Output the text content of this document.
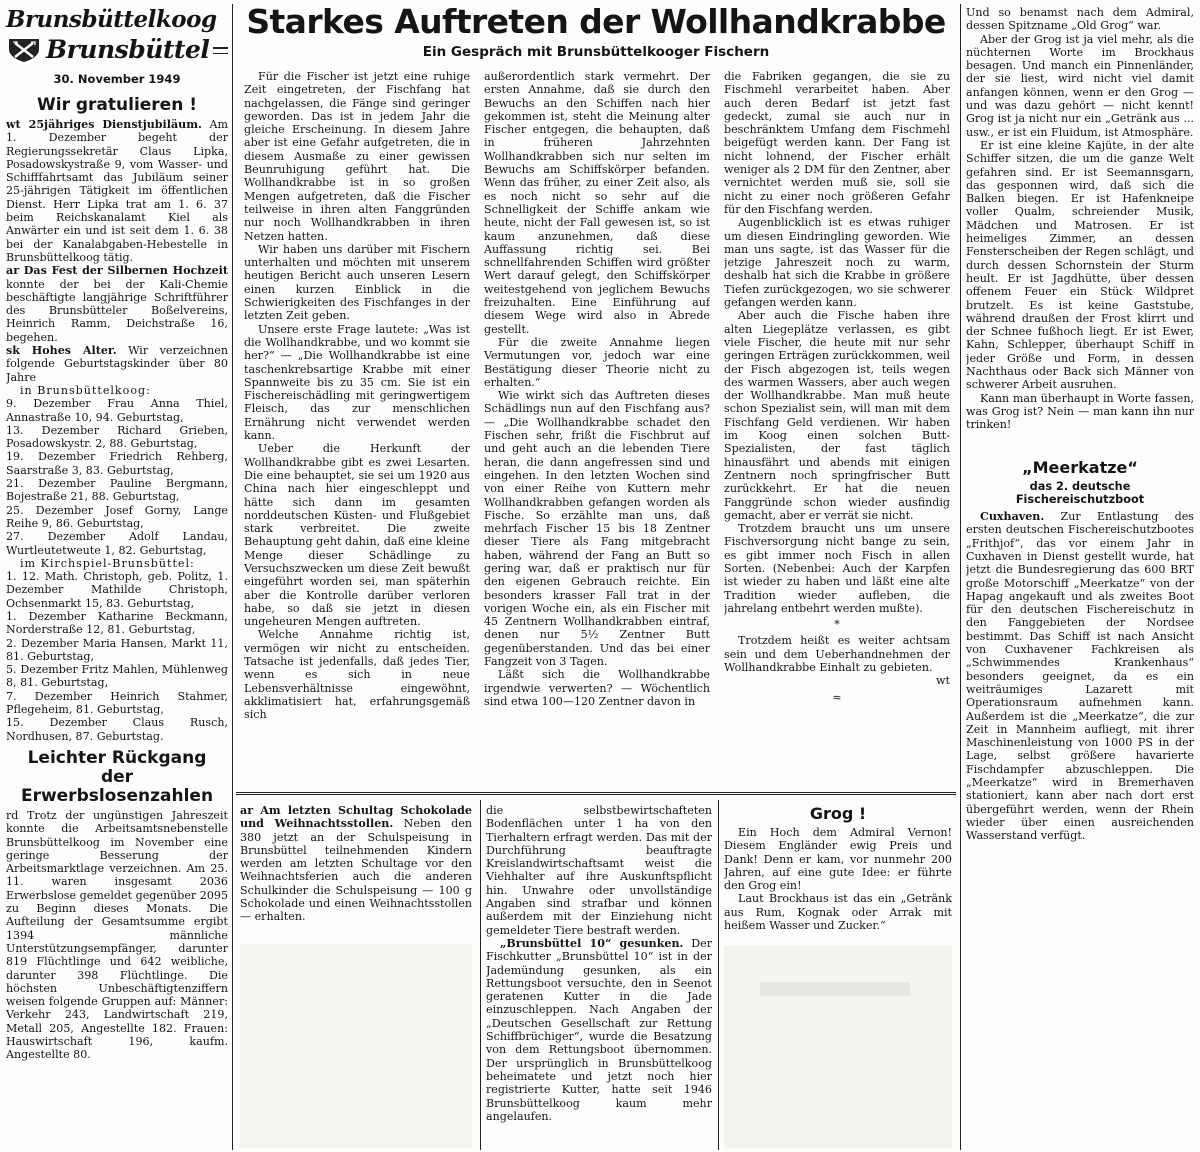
Brunsbüttelkoog
Brunsbüttel
30. November 1949
Wir gratulieren !

wt 25jähriges Dienstjubiläum. Am 1. Dezember begeht der Regierungssekretär Claus Lipka, Posadowskystraße 9, vom Wasser- und Schifffahrtsamt das Jubiläum seiner 25-jährigen Tätigkeit im öffentlichen Dienst. Herr Lipka trat am 1. 6. 37 beim Reichskanalamt Kiel als Anwärter ein und ist seit dem 1. 6. 38 bei der Kanalabgaben-Hebestelle in Brunsbüttelkoog tätig.

ar Das Fest der Silbernen Hochzeit konnte der bei der Kali-Chemie beschäftigte langjährige Schriftführer des Brunsbütteler Boßelvereins, Heinrich Ramm, Deichstraße 16, begehen.

sk Hohes Alter. Wir verzeichnen folgende Geburtstagskinder über 80 Jahre

in Brunsbüttelkoog:

9. Dezember Frau Anna Thiel, Annastraße 10, 94. Geburtstag,
13. Dezember Richard Grieben, Posadowskystr. 2, 88. Geburtstag,
19. Dezember Friedrich Rehberg, Saarstraße 3, 83. Geburtstag,
21. Dezember Pauline Bergmann, Bojestraße 21, 88. Geburtstag,
25. Dezember Josef Gorny, Lange Reihe 9, 86. Geburtstag,
27. Dezember Adolf Landau, Wurtleutetweute 1, 82. Geburtstag,

im Kirchspiel-Brunsbüttel:

1. 12. Math. Christoph, geb. Politz, 1. Dezember Mathilde Christoph, Ochsenmarkt 15, 83. Geburtstag,
1. Dezember Katharine Beckmann, Norderstraße 12, 81. Geburtstag,
2. Dezember Maria Hansen, Markt 11, 81. Geburtstag,
5. Dezember Fritz Mahlen, Mühlenweg 8, 81. Geburtstag,
7. Dezember Heinrich Stahmer, Pflegeheim, 81. Geburtstag,
15. Dezember Claus Rusch, Nordhusen, 87. Geburtstag.
Leichter Rückgang
der Erwerbslosenzahlen

rd Trotz der ungünstigen Jahreszeit konnte die Arbeitsamtsnebenstelle Brunsbüttelkoog im November eine geringe Besserung der Arbeitsmarktlage verzeichnen. Am 25. 11. waren insgesamt 2036 Erwerbslose gemeldet gegenüber 2095 zu Beginn dieses Monats. Die Aufteilung der Gesamtsumme ergibt 1394 männliche Unterstützungsempfänger, darunter 819 Flüchtlinge und 642 weibliche, darunter 398 Flüchtlinge. Die höchsten Unbeschäftigtenziffern weisen folgende Gruppen auf: Männer: Verkehr 243, Landwirtschaft 219, Metall 205, Angestellte 182. Frauen: Hauswirtschaft 196, kaufm. Angestellte 80.

Starkes Auftreten der Wollhandkrabbe
Ein Gespräch mit Brunsbüttelkooger Fischern

Für die Fischer ist jetzt eine ruhige Zeit eingetreten, der Fischfang hat nachgelassen, die Fänge sind geringer geworden. Das ist in jedem Jahr die gleiche Erscheinung. In diesem Jahre aber ist eine Gefahr aufgetreten, die in diesem Ausmaße zu einer gewissen Beunruhigung geführt hat. Die Wollhandkrabbe ist in so großen Mengen aufgetreten, daß die Fischer teilweise in ihren alten Fanggründen nur noch Wollhandkrabben in ihren Netzen hatten.

Wir haben uns darüber mit Fischern unterhalten und möchten mit unserem heutigen Bericht auch unseren Lesern einen kurzen Einblick in die Schwierigkeiten des Fischfanges in der letzten Zeit geben.

Unsere erste Frage lautete: „Was ist die Wollhandkrabbe, und wo kommt sie her?“ — „Die Wollhandkrabbe ist eine taschenkrebsartige Krabbe mit einer Spannweite bis zu 35 cm. Sie ist ein Fischereischädling mit geringwertigem Fleisch, das zur menschlichen Ernährung nicht verwendet werden kann.

Ueber die Herkunft der Wollhandkrabbe gibt es zwei Lesarten. Die eine behauptet, sie sei um 1920 aus China nach hier eingeschleppt und hätte sich dann im gesamten norddeutschen Küsten- und Flußgebiet stark verbreitet. Die zweite Behauptung geht dahin, daß eine kleine Menge dieser Schädlinge zu Versuchszwecken um diese Zeit bewußt eingeführt worden sei, man späterhin aber die Kontrolle darüber verloren habe, so daß sie jetzt in diesen ungeheuren Mengen auftreten.

Welche Annahme richtig ist, vermögen wir nicht zu entscheiden. Tatsache ist jedenfalls, daß jedes Tier, wenn es sich in neue Lebensverhältnisse eingewöhnt, akklimatisiert hat, erfahrungsgemäß sich

außerordentlich stark vermehrt. Der ersten Annahme, daß sie durch den Bewuchs an den Schiffen nach hier gekommen ist, steht die Meinung alter Fischer entgegen, die behaupten, daß in früheren Jahrzehnten Wollhandkrabben sich nur selten im Bewuchs am Schiffskörper befanden. Wenn das früher, zu einer Zeit also, als es noch nicht so sehr auf die Schnelligkeit der Schiffe ankam wie heute, nicht der Fall gewesen ist, so ist kaum anzunehmen, daß diese Auffassung richtig sei. Bei schnellfahrenden Schiffen wird größter Wert darauf gelegt, den Schiffskörper weitestgehend von jeglichem Bewuchs freizuhalten. Eine Einführung auf diesem Wege wird also in Abrede gestellt.

Für die zweite Annahme liegen Vermutungen vor, jedoch war eine Bestätigung dieser Theorie nicht zu erhalten.“

Wie wirkt sich das Auftreten dieses Schädlings nun auf den Fischfang aus? — „Die Wollhandkrabbe schadet den Fischen sehr, frißt die Fischbrut auf und geht auch an die lebenden Tiere heran, die dann angefressen sind und eingehen. In den letzten Wochen sind von einer Reihe von Kuttern mehr Wollhandkrabben gefangen worden als Fische. So erzählte man uns, daß mehrfach Fischer 15 bis 18 Zentner dieser Tiere als Fang mitgebracht haben, während der Fang an Butt so gering war, daß er praktisch nur für den eigenen Gebrauch reichte. Ein besonders krasser Fall trat in der vorigen Woche ein, als ein Fischer mit 45 Zentnern Wollhandkrabben eintraf, denen nur 5½ Zentner Butt gegenüberstanden. Und das bei einer Fangzeit von 3 Tagen.

Läßt sich die Wollhandkrabbe irgendwie verwerten? — Wöchentlich sind etwa 100—120 Zentner davon in

die Fabriken gegangen, die sie zu Fischmehl verarbeitet haben. Aber auch deren Bedarf ist jetzt fast gedeckt, zumal sie auch nur in beschränktem Umfang dem Fischmehl beigefügt werden kann. Der Fang ist nicht lohnend, der Fischer erhält weniger als 2 DM für den Zentner, aber vernichtet werden muß sie, soll sie nicht zu einer noch größeren Gefahr für den Fischfang werden.

Augenblicklich ist es etwas ruhiger um diesen Eindringling geworden. Wie man uns sagte, ist das Wasser für die jetzige Jahreszeit noch zu warm, deshalb hat sich die Krabbe in größere Tiefen zurückgezogen, wo sie schwerer gefangen werden kann.

Aber auch die Fische haben ihre alten Liegeplätze verlassen, es gibt viele Fischer, die heute mit nur sehr geringen Erträgen zurückkommen, weil der Fisch abgezogen ist, teils wegen des warmen Wassers, aber auch wegen der Wollhandkrabbe. Man muß heute schon Spezialist sein, will man mit dem Fischfang Geld verdienen. Wir haben im Koog einen solchen Butt-Spezialisten, der fast täglich hinausfährt und abends mit einigen Zentnern noch springfrischer Butt zurückkehrt. Er hat die neuen Fanggründe schon wieder ausfindig gemacht, aber er verrät sie nicht.

Trotzdem braucht uns um unsere Fischversorgung nicht bange zu sein, es gibt immer noch Fisch in allen Sorten. (Nebenbei: Auch der Karpfen ist wieder zu haben und läßt eine alte Tradition wieder aufleben, die jahrelang entbehrt werden mußte).

*

Trotzdem heißt es weiter achtsam sein und dem Ueberhandnehmen der Wollhandkrabbe Einhalt zu gebieten.

wt
≈

Und so benamst nach dem Admiral, dessen Spitzname „Old Grog“ war.

Aber der Grog ist ja viel mehr, als die nüchternen Worte im Brockhaus besagen. Und manch ein Pinnenländer, der sie liest, wird nicht viel damit anfangen können, wenn er den Grog — und was dazu gehört — nicht kennt! Grog ist ja nicht nur ein „Getränk aus ... usw., er ist ein Fluidum, ist Atmosphäre.

Er ist eine kleine Kajüte, in der alte Schiffer sitzen, die um die ganze Welt gefahren sind. Er ist Seemannsgarn, das gesponnen wird, daß sich die Balken biegen. Er ist Hafenkneipe voller Qualm, schreiender Musik, Mädchen und Matrosen. Er ist heimeliges Zimmer, an dessen Fensterscheiben der Regen schlägt, und durch dessen Schornstein der Sturm heult. Er ist Jagdhütte, über dessen offenem Feuer ein Stück Wildpret brutzelt. Es ist keine Gaststube, während draußen der Frost klirrt und der Schnee fußhoch liegt. Er ist Ewer, Kahn, Schlepper, überhaupt Schiff in jeder Größe und Form, in dessen Nachthaus oder Back sich Männer von schwerer Arbeit ausruhen.

Kann man überhaupt in Worte fassen, was Grog ist? Nein — man kann ihn nur trinken!

„Meerkatze“
das 2. deutsche Fischereischutzboot

Cuxhaven. Zur Entlastung des ersten deutschen Fischereischutzbootes „Frithjof“, das vor einem Jahr in Cuxhaven in Dienst gestellt wurde, hat jetzt die Bundesregierung das 600 BRT große Motorschiff „Meerkatze“ von der Hapag angekauft und als zweites Boot für den deutschen Fischereischutz in den Fanggebieten der Nordsee bestimmt. Das Schiff ist nach Ansicht von Cuxhavener Fachkreisen als „Schwimmendes Krankenhaus“ besonders geeignet, da es ein weiträumiges Lazarett mit Operationsraum aufnehmen kann. Außerdem ist die „Meerkatze“, die zur Zeit in Mannheim aufliegt, mit ihrer Maschinenleistung von 1000 PS in der Lage, selbst größere havarierte Fischdampfer abzuschleppen. Die „Meerkatze“ wird in Bremerhaven stationiert, kann aber nach dort erst übergeführt werden, wenn der Rhein wieder über einen ausreichenden Wasserstand verfügt.

ar Am letzten Schultag Schokolade und Weihnachtsstollen. Neben den 380 jetzt an der Schulspeisung in Brunsbüttel teilnehmenden Kindern werden am letzten Schultage vor den Weihnachtsferien auch die anderen Schulkinder die Schulspeisung — 100 g Schokolade und einen Weihnachtsstollen — erhalten.

die selbstbewirtschafteten Bodenflächen unter 1 ha von den Tierhaltern erfragt werden. Das mit der Durchführung beauftragte Kreislandwirtschaftsamt weist die Viehhalter auf ihre Auskunftspflicht hin. Unwahre oder unvollständige Angaben sind strafbar und können außerdem mit der Einziehung nicht gemeldeter Tiere bestraft werden.

„Brunsbüttel 10“ gesunken. Der Fischkutter „Brunsbüttel 10“ ist in der Jademündung gesunken, als ein Rettungsboot versuchte, den in Seenot geratenen Kutter in die Jade einzuschleppen. Nach Angaben der „Deutschen Gesellschaft zur Rettung Schiffbrüchiger“, wurde die Besatzung von dem Rettungsboot übernommen. Der ursprünglich in Brunsbüttelkoog beheimatete und jetzt noch hier registrierte Kutter, hatte seit 1946 Brunsbüttelkoog kaum mehr angelaufen.

Grog !

Ein Hoch dem Admiral Vernon! Diesem Engländer ewig Preis und Dank! Denn er kam, vor nunmehr 200 Jahren, auf eine gute Idee: er führte den Grog ein!

Laut Brockhaus ist das ein „Getränk aus Rum, Kognak oder Arrak mit heißem Wasser und Zucker.“
